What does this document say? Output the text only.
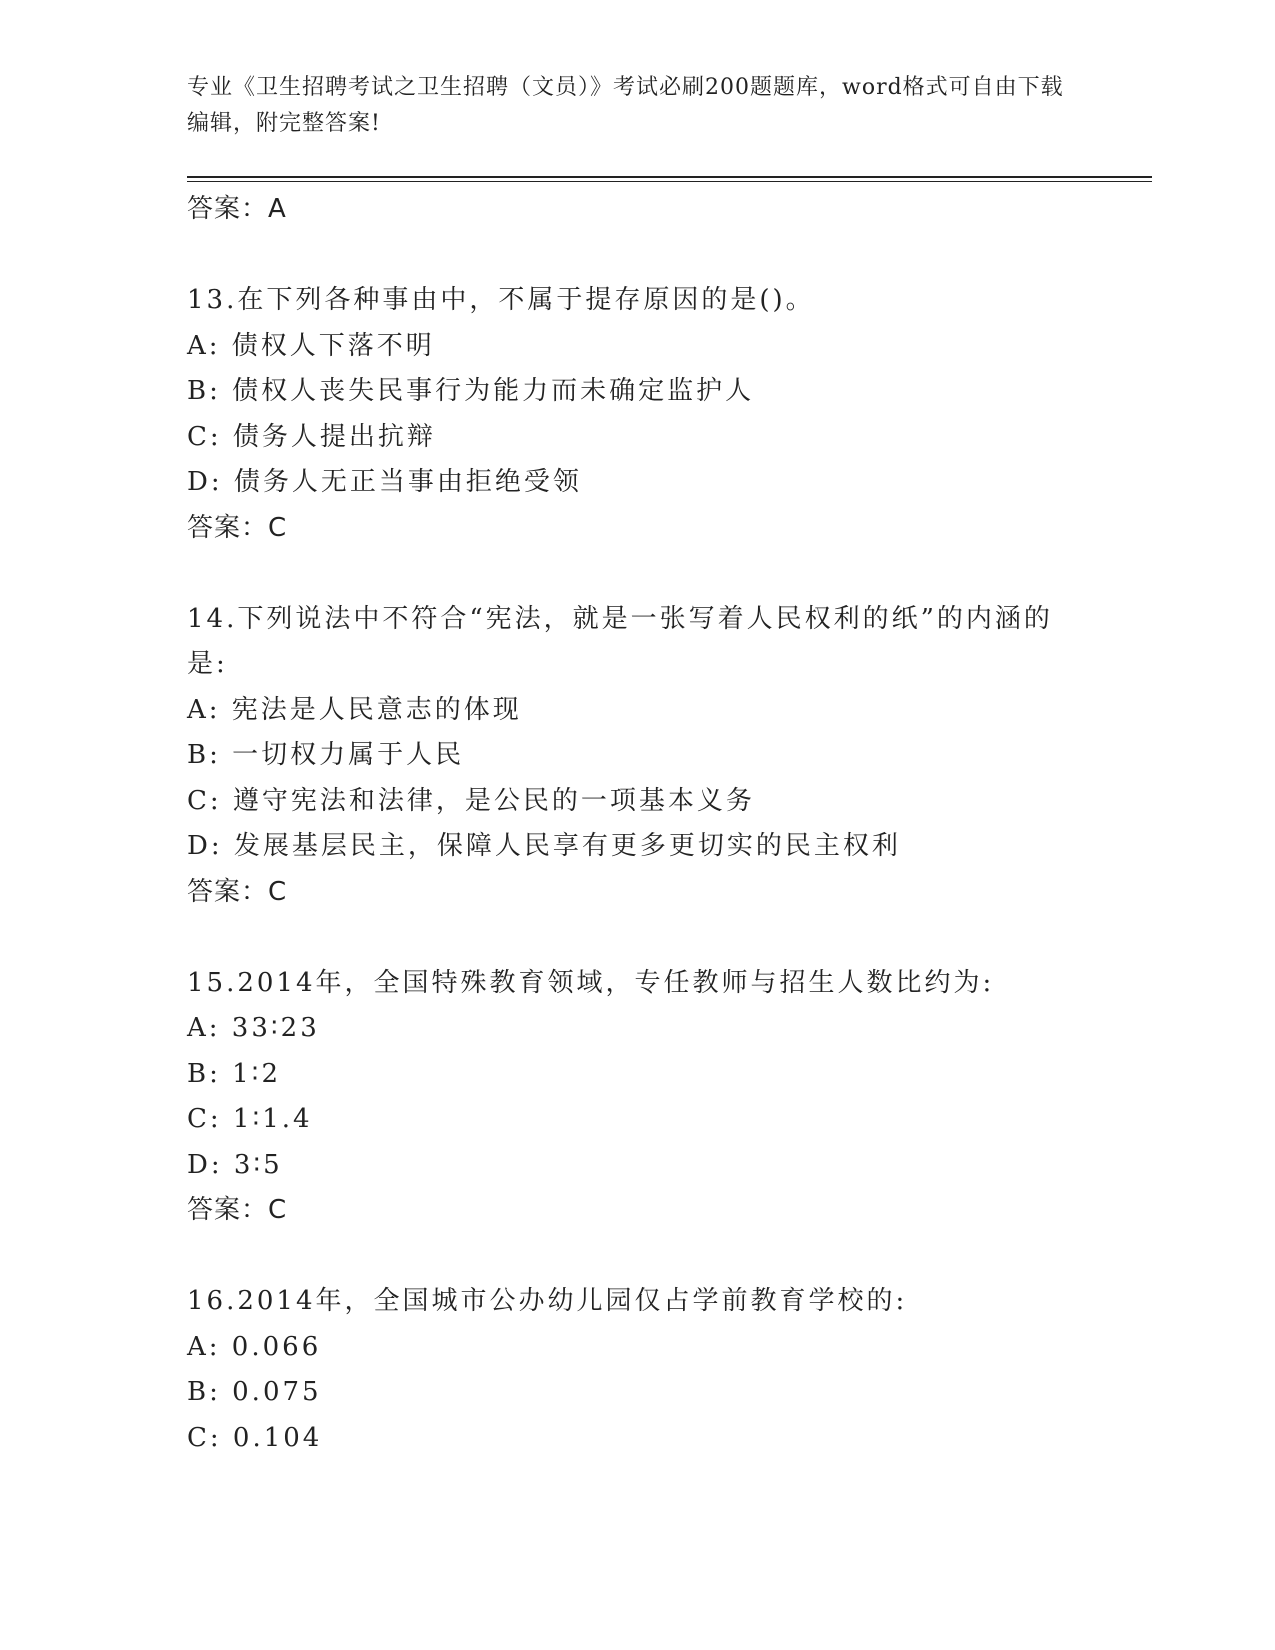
专业《卫生招聘考试之卫生招聘（文员）》考试必刷200题题库，word格式可自由下载编辑，附完整答案!
答案：A
13.在下列各种事由中，不属于提存原因的是()。
A: 债权人下落不明
B: 债权人丧失民事行为能力而未确定监护人
C: 债务人提出抗辩
D: 债务人无正当事由拒绝受领
答案：C
14.下列说法中不符合“宪法，就是一张写着人民权利的纸”的内涵的
是:
A: 宪法是人民意志的体现
B: 一切权力属于人民
C: 遵守宪法和法律，是公民的一项基本义务
D: 发展基层民主，保障人民享有更多更切实的民主权利
答案：C
15.2014年，全国特殊教育领域，专任教师与招生人数比约为:
A: 33∶23
B: 1∶2
C: 1∶1.4
D: 3∶5
答案：C
16.2014年，全国城市公办幼儿园仅占学前教育学校的:
A: 0.066
B: 0.075
C: 0.104
